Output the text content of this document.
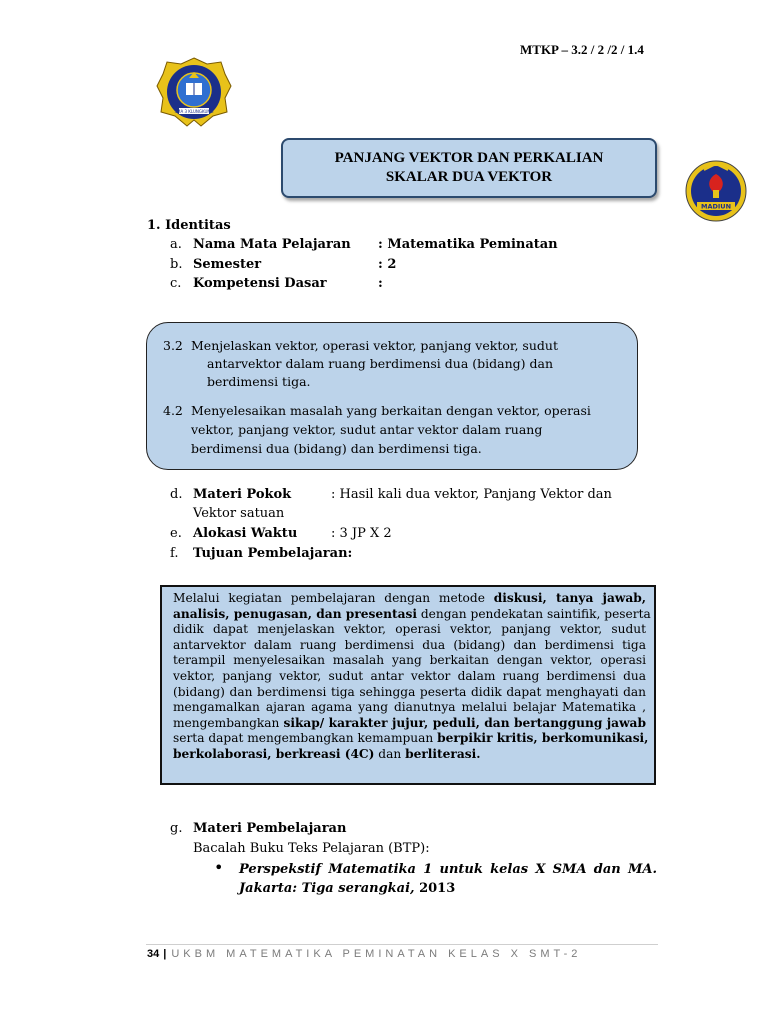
MTKP – 3.2 / 2 /2 / 1.4
SMA 3 KLUNGKUNG
MADIUN
PANJANG VEKTOR DAN PERKALIAN
SKALAR DUA VEKTOR
1. Identitas
a. Nama Mata Pelajaran : Matematika Peminatan
b. Semester	: 2
c. Kompetensi Dasar	:
3.2 Menjelaskan vektor, operasi vektor, panjang vektor, sudut
antarvektor dalam ruang berdimensi dua (bidang) dan
berdimensi tiga.
4.2 Menyelesaikan masalah yang berkaitan dengan vektor, operasi
vektor, panjang vektor, sudut antar vektor dalam ruang
berdimensi dua (bidang) dan berdimensi tiga.
d. Materi Pokok	: Hasil kali dua vektor, Panjang Vektor dan
Vektor satuan
e. Alokasi Waktu	: 3 JP X 2
f. Tujuan Pembelajaran:
Melalui kegiatan pembelajaran dengan metode diskusi, tanya jawab,
analisis, penugasan, dan presentasi dengan pendekatan saintifik, peserta
didik dapat menjelaskan vektor, operasi vektor, panjang vektor, sudut
antarvektor dalam ruang berdimensi dua (bidang) dan berdimensi tiga
terampil menyelesaikan masalah yang berkaitan dengan vektor, operasi
vektor, panjang vektor, sudut antar vektor dalam ruang berdimensi dua
(bidang) dan berdimensi tiga sehingga peserta didik dapat menghayati dan
mengamalkan ajaran agama yang dianutnya melalui belajar Matematika ,
mengembangkan sikap/ karakter jujur, peduli, dan bertanggung jawab
serta dapat mengembangkan kemampuan berpikir kritis, berkomunikasi,
berkolaborasi, berkreasi (4C) dan berliterasi.
g. Materi Pembelajaran
Bacalah Buku Teks Pelajaran (BTP):
• Perspekstif Matematika 1 untuk kelas X SMA dan MA.
Jakarta: Tiga serangkai, 2013
34 | UKBM MATEMATIKA PEMINATAN KELAS X SMT-2
